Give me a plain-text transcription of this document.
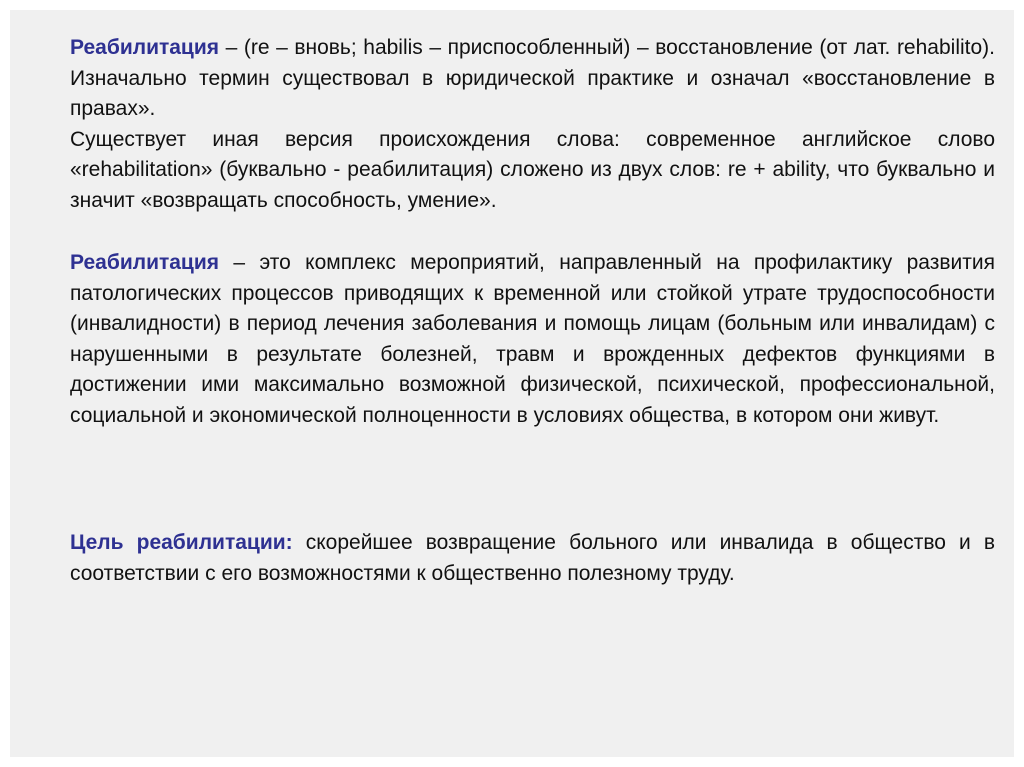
Реабилитация – (re – вновь; habilis – приспособленный) – восстановление (от лат. rehabilito). Изначально термин существовал в юридической практике и означал «восстановление в правах».

Существует иная версия происхождения слова: современное английское слово «rehabilitation» (буквально - реабилитация) сложено из двух слов: re + ability, что буквально и значит «возвращать способность, умение».

Реабилитация – это комплекс мероприятий, направленный на профилактику развития патологических процессов приводящих к временной или стойкой утрате трудоспособности (инвалидности) в период лечения заболевания и помощь лицам (больным или инвалидам) с нарушенными в результате болезней, травм и врожденных дефектов функциями в достижении ими максимально возможной физической, психической, профессиональной, социальной и экономической полноценности в условиях общества, в котором они живут.

Цель реабилитации: скорейшее возвращение больного или инвалида в общество и в соответствии с его возможностями к общественно полезному труду.
